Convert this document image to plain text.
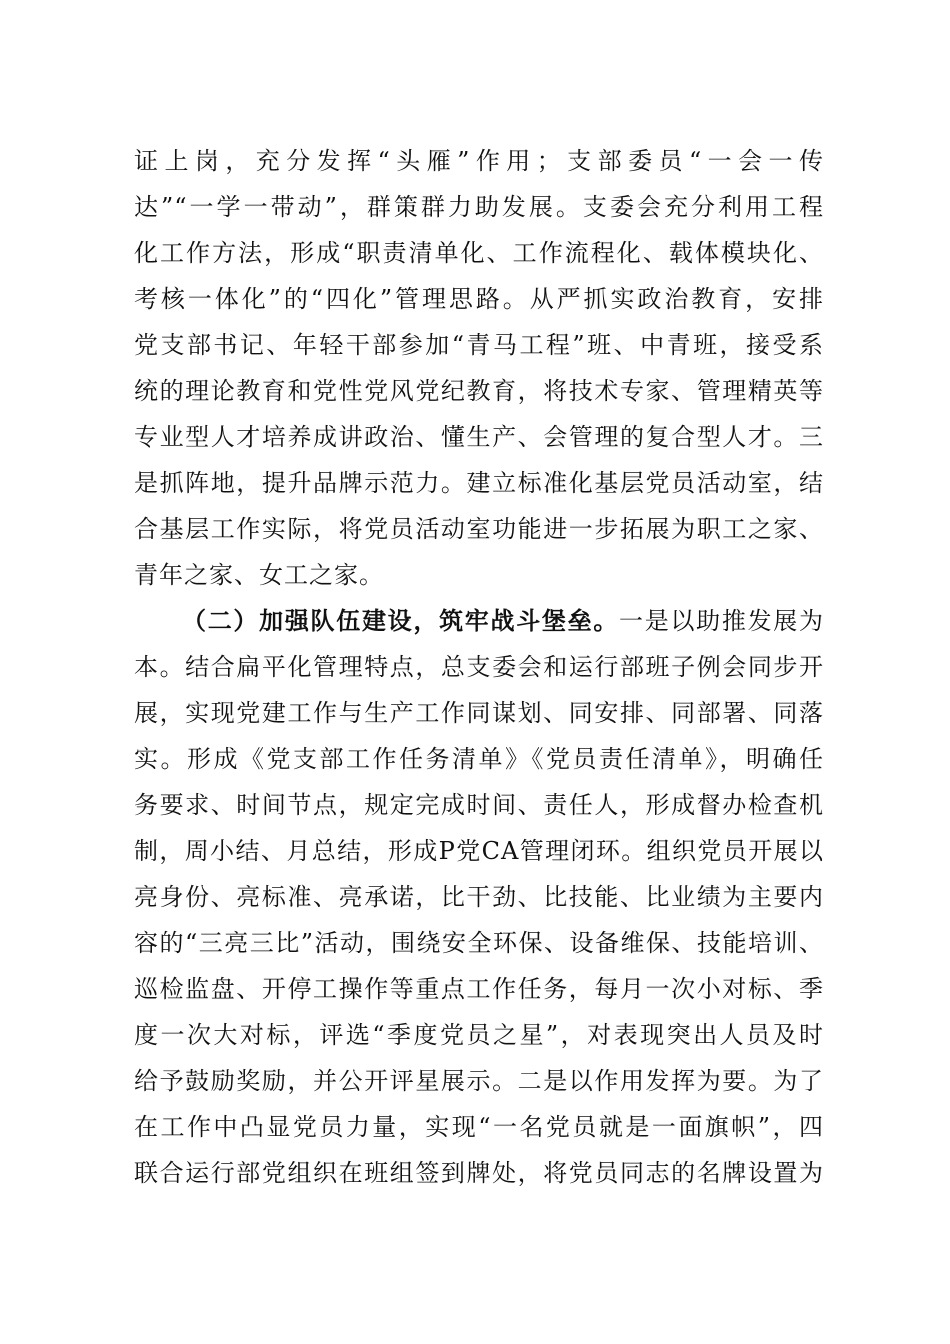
证上岗，充分发挥“头雁”作用；支部委员“一会一传
达”“一学一带动”，群策群力助发展。支委会充分利用工程
化工作方法，形成“职责清单化、工作流程化、载体模块化、
考核一体化”的“四化”管理思路。从严抓实政治教育，安排
党支部书记、年轻干部参加“青马工程”班、中青班，接受系
统的理论教育和党性党风党纪教育，将技术专家、管理精英等
专业型人才培养成讲政治、懂生产、会管理的复合型人才。三
是抓阵地，提升品牌示范力。建立标准化基层党员活动室，结
合基层工作实际，将党员活动室功能进一步拓展为职工之家、
青年之家、女工之家。
（二）加强队伍建设，筑牢战斗堡垒。一是以助推发展为
本。结合扁平化管理特点，总支委会和运行部班子例会同步开
展，实现党建工作与生产工作同谋划、同安排、同部署、同落
实。形成《党支部工作任务清单》《党员责任清单》，明确任
务要求、时间节点，规定完成时间、责任人，形成督办检查机
制，周小结、月总结，形成P党CA管理闭环。组织党员开展以
亮身份、亮标准、亮承诺，比干劲、比技能、比业绩为主要内
容的“三亮三比”活动，围绕安全环保、设备维保、技能培训、
巡检监盘、开停工操作等重点工作任务，每月一次小对标、季
度一次大对标，评选“季度党员之星”，对表现突出人员及时
给予鼓励奖励，并公开评星展示。二是以作用发挥为要。为了
在工作中凸显党员力量，实现“一名党员就是一面旗帜”，四
联合运行部党组织在班组签到牌处，将党员同志的名牌设置为
